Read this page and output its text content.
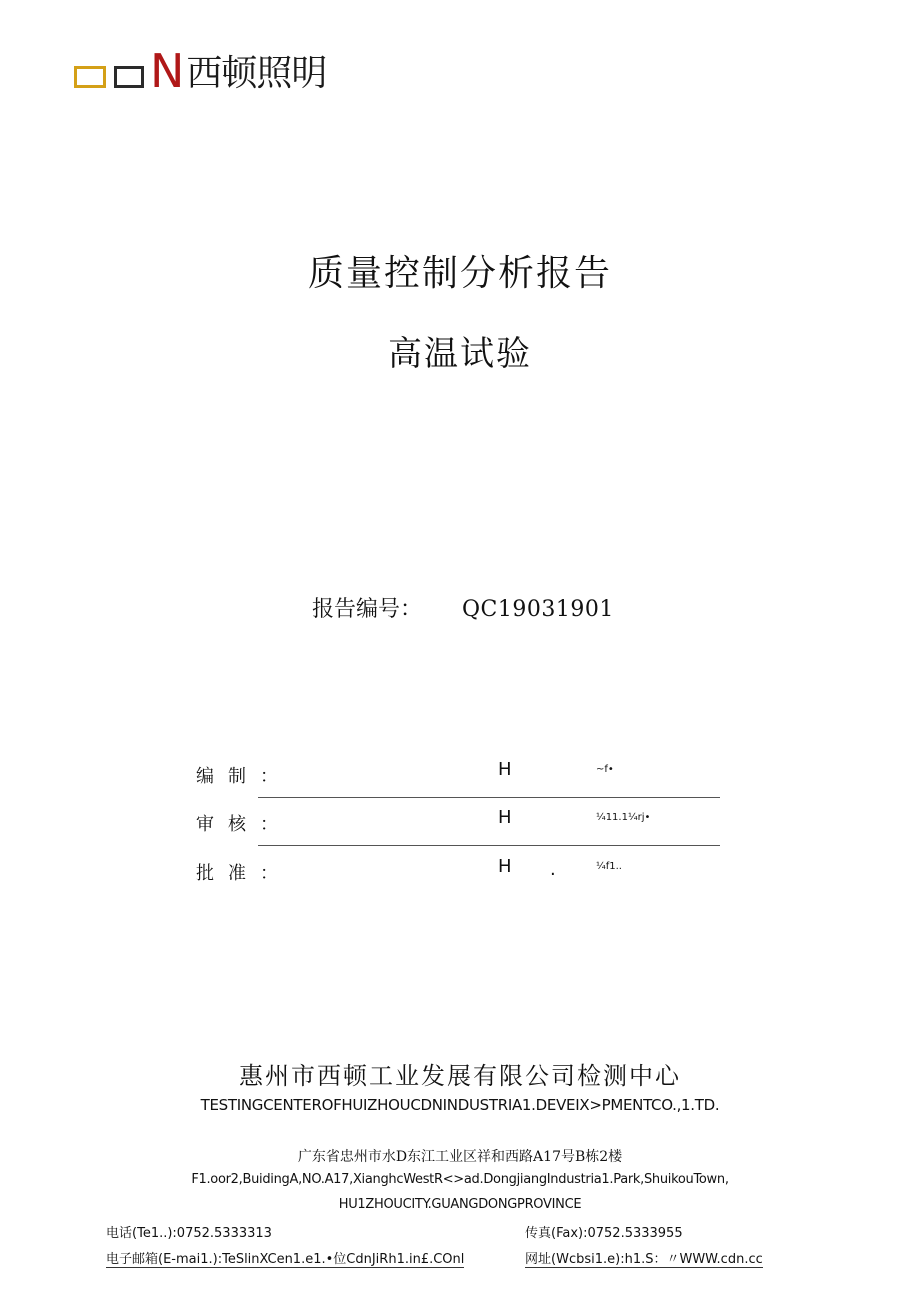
N 西顿照明
质量控制分析报告
高温试验
报告编号： QC19031901
编制：	H	~f•
审核：	H	¼11.1¼rj•
批准：	H .	¼f1..
惠州市西顿工业发展有限公司检测中心
TESTINGCENTEROFHUIZHOUCDNINDUSTRIA1.DEVEIX>PMENTCO.,1.TD.
广东省忠州市水D东江工业区祥和西路A17号B栋2楼
F1.oor2,BuidingA,NO.A17,XianghcWestR<>ad.DongjiangIndustria1.Park,ShuikouTown,
HU1ZHOUCITY.GUANGDONGPROVINCE
电话(Te1..):0752.5333313	传真(Fax):0752.5333955
电子邮箱(E-mai1.):TeSlinXCen1.e1.•位CdnJiRh1.in£.COnl	网址(Wcbsi1.e):h1.S：〃WWW.cdn.cc
